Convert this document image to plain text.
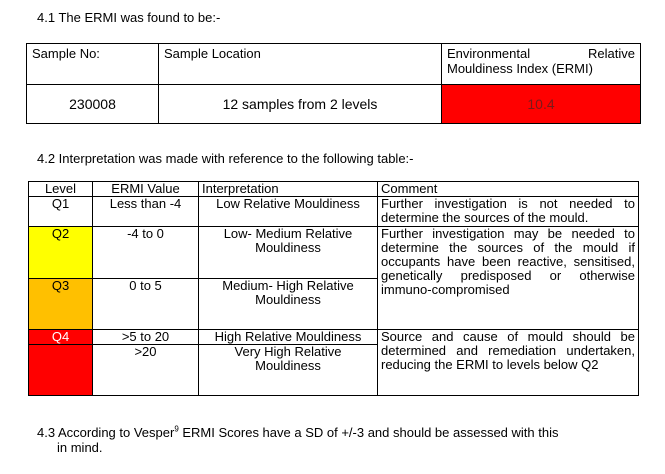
4.1 The ERMI was found to be:-

Sample No:	Sample Location	Environmental Relative
Mouldiness Index (ERMI)

230008	12 samples from 2 levels	10.4

4.2 Interpretation was made with reference to the following table:-

Level	ERMI Value	Interpretation	Comment
Q1	Less than -4	Low Relative Mouldiness	Further investigation is not needed to determine the sources of the mould.
Q2	-4 to 0	Low- Medium Relative Mouldiness	Further investigation may be needed to determine the sources of the mould if occupants have been reactive, sensitised, genetically predisposed or otherwise immuno-compromised
Q3	0 to 5	Medium- High Relative Mouldiness	
Q4	>5 to 20	High Relative Mouldiness	Source and cause of mould should be determined and remediation undertaken, reducing the ERMI to levels below Q2
	>20	Very High Relative Mouldiness	

4.3 According to Vesper$^9$ ERMI Scores have a SD of +/-3 and should be assessed with this
in mind.
